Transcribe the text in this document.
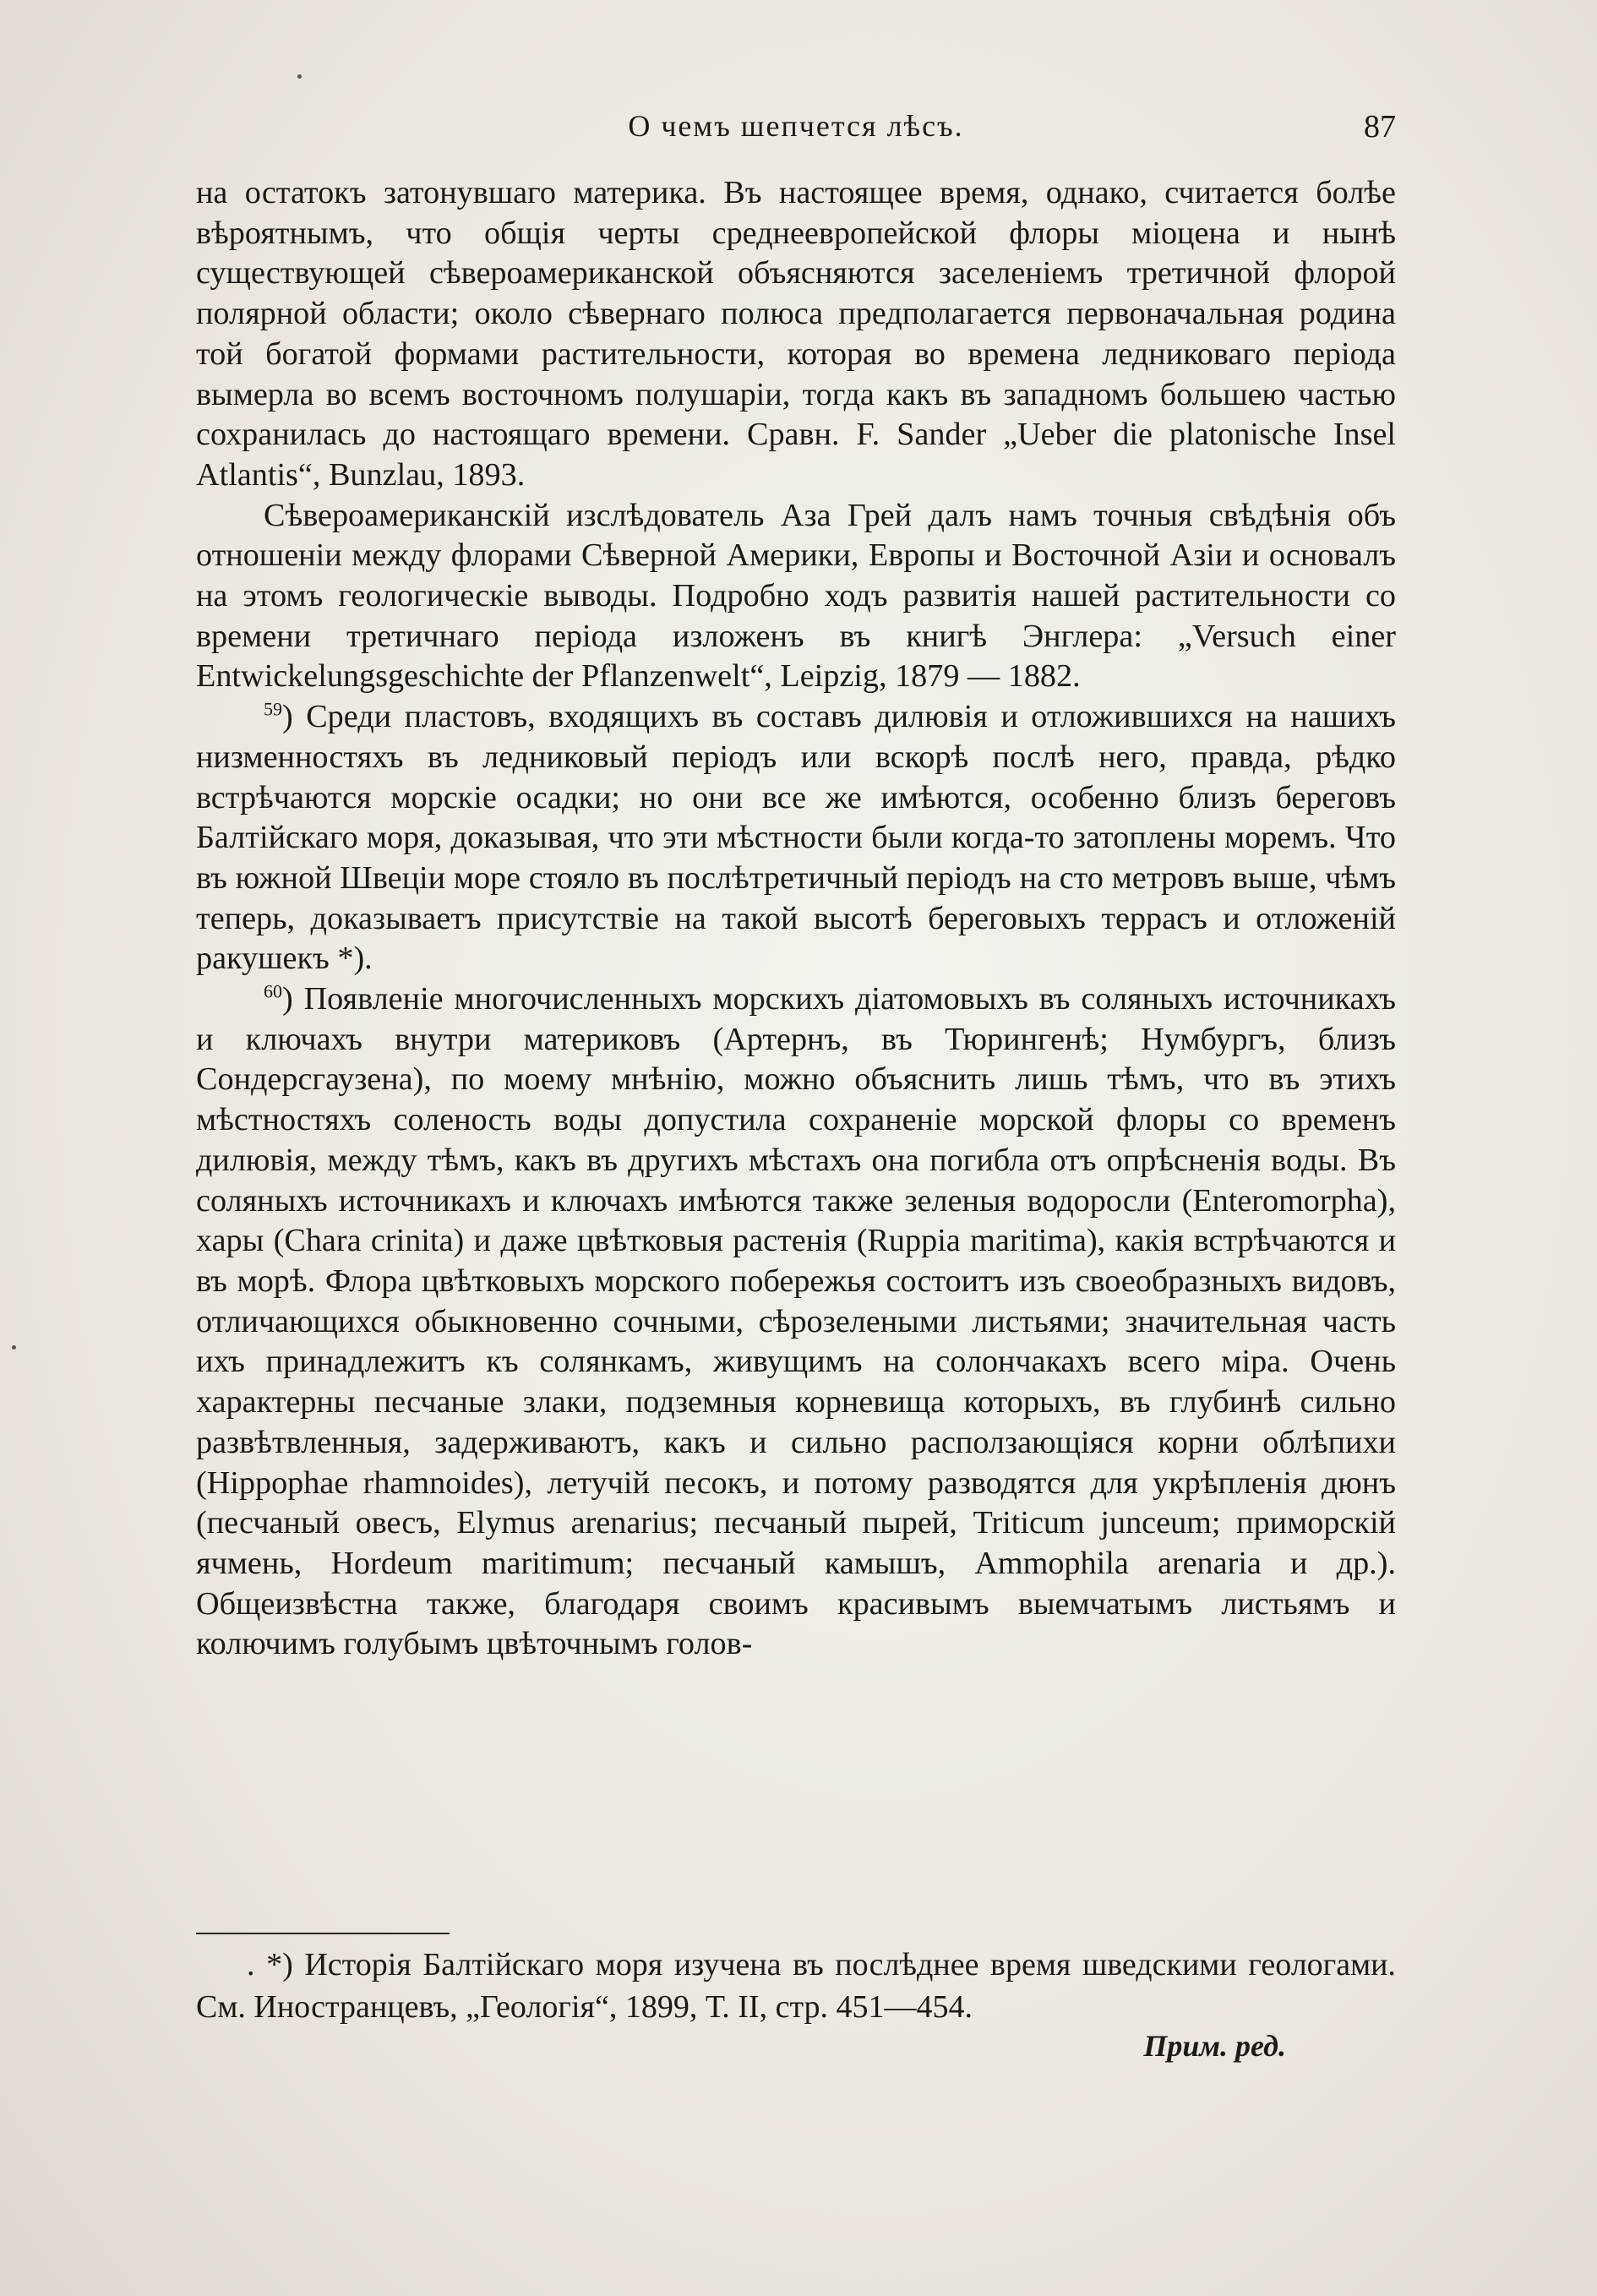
О чемъ шепчется лѣсъ.	87

на остатокъ затонувшаго материка. Въ настоящее время, однако, считается болѣе вѣроятнымъ, что общія черты среднеевропейской флоры міоцена и нынѣ существующей сѣвероамериканской объясняются заселеніемъ третичной флорой полярной области; около сѣвернаго полюса предполагается первоначальная родина той богатой формами растительности, которая во времена ледниковаго періода вымерла во всемъ восточномъ полушаріи, тогда какъ въ западномъ большею частью сохранилась до настоящаго времени. Сравн. F. Sander „Ueber die platonische Insel Atlantis“, Bunzlau, 1893.

Сѣвероамериканскій изслѣдователь Аза Грей далъ намъ точныя свѣдѣнія объ отношеніи между флорами Сѣверной Америки, Европы и Восточной Азіи и основалъ на этомъ геологическіе выводы. Подробно ходъ развитія нашей растительности со времени третичнаго періода изложенъ въ книгѣ Энглера: „Versuch einer Entwickelungsgeschichte der Pflanzenwelt“, Leipzig, 1879 — 1882.

$^{59}$) Среди пластовъ, входящихъ въ составъ дилювія и отложившихся на нашихъ низменностяхъ въ ледниковый періодъ или вскорѣ послѣ него, правда, рѣдко встрѣчаются морскіе осадки; но они все же имѣются, особенно близъ береговъ Балтійскаго моря, доказывая, что эти мѣстности были когда-то затоплены моремъ. Что въ южной Швеціи море стояло въ послѣтретичный періодъ на сто метровъ выше, чѣмъ теперь, доказываетъ присутствіе на такой высотѣ береговыхъ террасъ и отложеній ракушекъ *).

$^{60}$) Появленіе многочисленныхъ морскихъ діатомовыхъ въ соляныхъ источникахъ и ключахъ внутри материковъ (Артернъ, въ Тюрингенѣ; Нумбургъ, близъ Сондерсгаузена), по моему мнѣнію, можно объяснить лишь тѣмъ, что въ этихъ мѣстностяхъ соленость воды допустила сохраненіе морской флоры со временъ дилювія, между тѣмъ, какъ въ другихъ мѣстахъ она погибла отъ опрѣсненія воды. Въ соляныхъ источникахъ и ключахъ имѣются также зеленыя водоросли (Enteromorpha), хары (Chara crinita) и даже цвѣтковыя растенія (Ruppia maritima), какія встрѣчаются и въ морѣ. Флора цвѣтковыхъ морского побережья состоитъ изъ своеобразныхъ видовъ, отличающихся обыкновенно сочными, сѣрозелеными листьями; значительная часть ихъ принадлежитъ къ солянкамъ, живущимъ на солончакахъ всего міра. Очень характерны песчаные злаки, подземныя корневища которыхъ, въ глубинѣ сильно развѣтвленныя, задерживаютъ, какъ и сильно расползающіяся корни облѣпихи (Hippophae rhamnoides), летучій песокъ, и потому разводятся для укрѣпленія дюнъ (песчаный овесъ, Elymus arenarius; песчаный пырей, Triticum junceum; приморскій ячмень, Hordeum maritimum; песчаный камышъ, Ammophila arenaria и др.). Общеизвѣстна также, благодаря своимъ красивымъ выемчатымъ листьямъ и колючимъ голубымъ цвѣточнымъ голов-

. *) Исторія Балтійскаго моря изучена въ послѣднее время шведскими геологами. См. Иностранцевъ, „Геологія“, 1899, Т. II, стр. 451—454.

Прим. ред.
